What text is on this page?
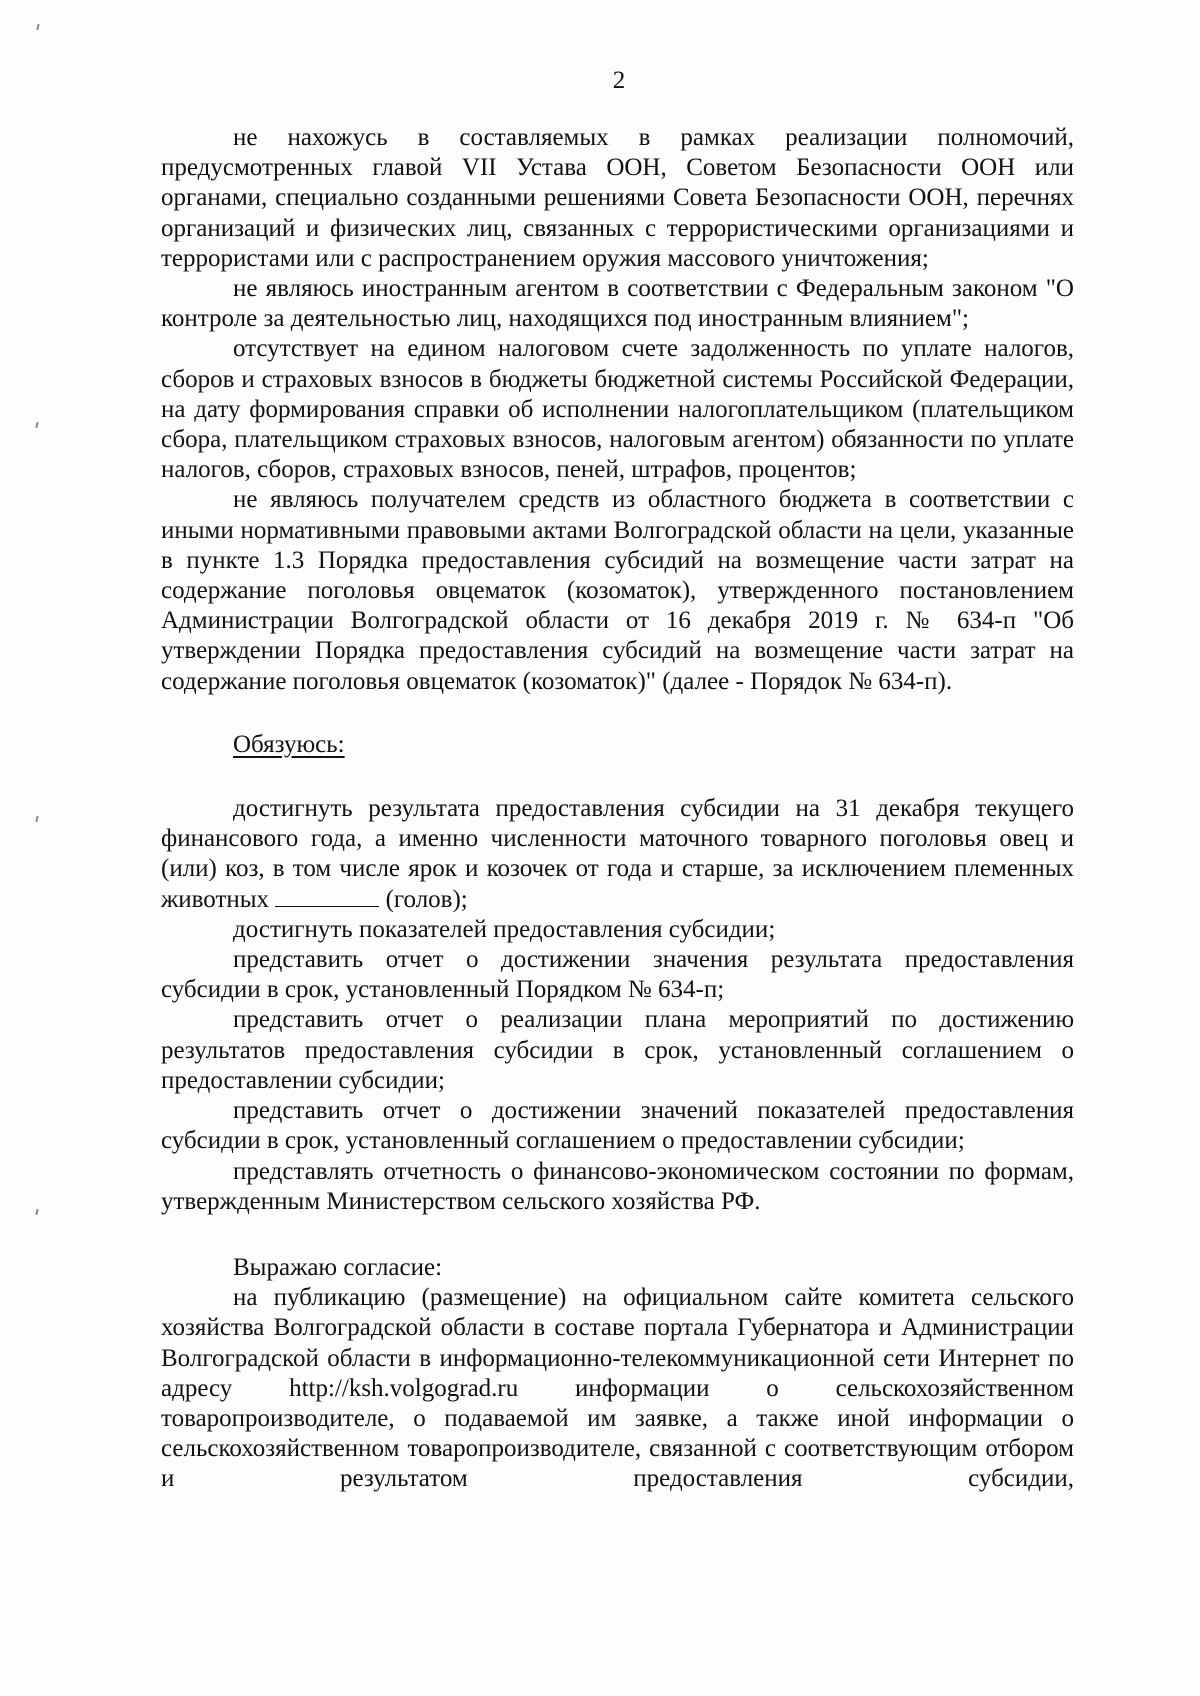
2

не нахожусь в составляемых в рамках реализации полномочий, предусмотренных главой VII Устава ООН, Советом Безопасности ООН или органами, специально созданными решениями Совета Безопасности ООН, перечнях организаций и физических лиц, связанных с террористическими организациями и террористами или с распространением оружия массового уничтожения;

не являюсь иностранным агентом в соответствии с Федеральным законом "О контроле за деятельностью лиц, находящихся под иностранным влиянием";

отсутствует на едином налоговом счете задолженность по уплате налогов, сборов и страховых взносов в бюджеты бюджетной системы Российской Федерации, на дату формирования справки об исполнении налогоплательщиком (плательщиком сбора, плательщиком страховых взносов, налоговым агентом) обязанности по уплате налогов, сборов, страховых взносов, пеней, штрафов, процентов;

не являюсь получателем средств из областного бюджета в соответствии с иными нормативными правовыми актами Волгоградской области на цели, указанные в пункте 1.3 Порядка предоставления субсидий на возмещение части затрат на содержание поголовья овцематок (козоматок), утвержденного постановлением Администрации Волгоградской области от 16 декабря 2019 г. № 634-п "Об утверждении Порядка предоставления субсидий на возмещение части затрат на содержание поголовья овцематок (козоматок)" (далее - Порядок № 634-п).

Обязуюсь:

достигнуть результата предоставления субсидии на 31 декабря текущего финансового года, а именно численности маточного товарного поголовья овец и (или) коз, в том числе ярок и козочек от года и старше, за исключением племенных животных	(голов);

достигнуть показателей предоставления субсидии;

представить отчет о достижении значения результата предоставления субсидии в срок, установленный Порядком № 634-п;

представить отчет о реализации плана мероприятий по достижению результатов предоставления субсидии в срок, установленный соглашением о предоставлении субсидии;

представить отчет о достижении значений показателей предоставления субсидии в срок, установленный соглашением о предоставлении субсидии;

представлять отчетность о финансово-экономическом состоянии по формам, утвержденным Министерством сельского хозяйства РФ.

Выражаю согласие:

на публикацию (размещение) на официальном сайте комитета сельского хозяйства Волгоградской области в составе портала Губернатора и Администрации Волгоградской области в информационно-телекоммуникационной сети Интернет по адресу http://ksh.volgograd.ru информации о сельскохозяйственном товаропроизводителе, о подаваемой им заявке, а также иной информации о сельскохозяйственном товаропроизводителе, связанной с соответствующим отбором и результатом предоставления субсидии,
